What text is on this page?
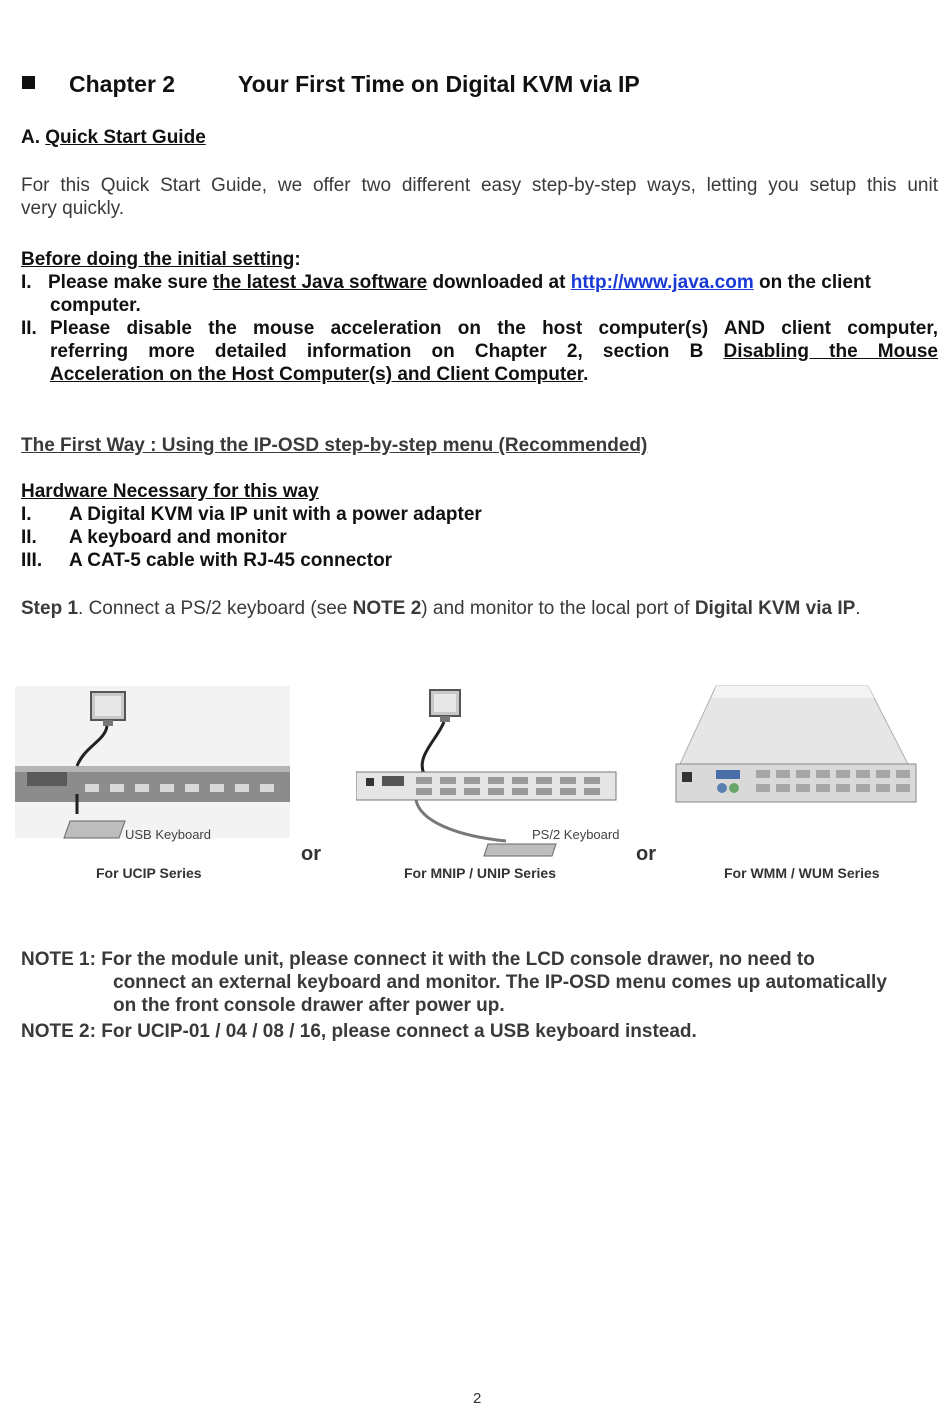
Chapter 2	Your First Time on Digital KVM via IP
A. Quick Start Guide
For this Quick Start Guide, we offer two different easy step-by-step ways, letting you setup this unit
very quickly.
Before doing the initial setting:
I. Please make sure the latest Java software downloaded at http://www.java.com on the client
computer.
II. Please disable the mouse acceleration on the host computer(s) AND client computer,
referring more detailed information on Chapter 2, section B Disabling the Mouse
Acceleration on the Host Computer(s) and Client Computer.
The First Way : Using the IP-OSD step-by-step menu (Recommended)
Hardware Necessary for this way
I. A Digital KVM via IP unit with a power adapter
II. A keyboard and monitor
III. A CAT-5 cable with RJ-45 connector
Step 1. Connect a PS/2 keyboard (see NOTE 2) and monitor to the local port of Digital KVM via IP.
USB Keyboard
or
PS/2 Keyboard
or
For UCIP Series	For MNIP / UNIP Series	For WMM / WUM Series
NOTE 1: For the module unit, please connect it with the LCD console drawer, no need to
connect an external keyboard and monitor. The IP-OSD menu comes up automatically
on the front console drawer after power up.
NOTE 2: For UCIP-01 / 04 / 08 / 16, please connect a USB keyboard instead.
2
